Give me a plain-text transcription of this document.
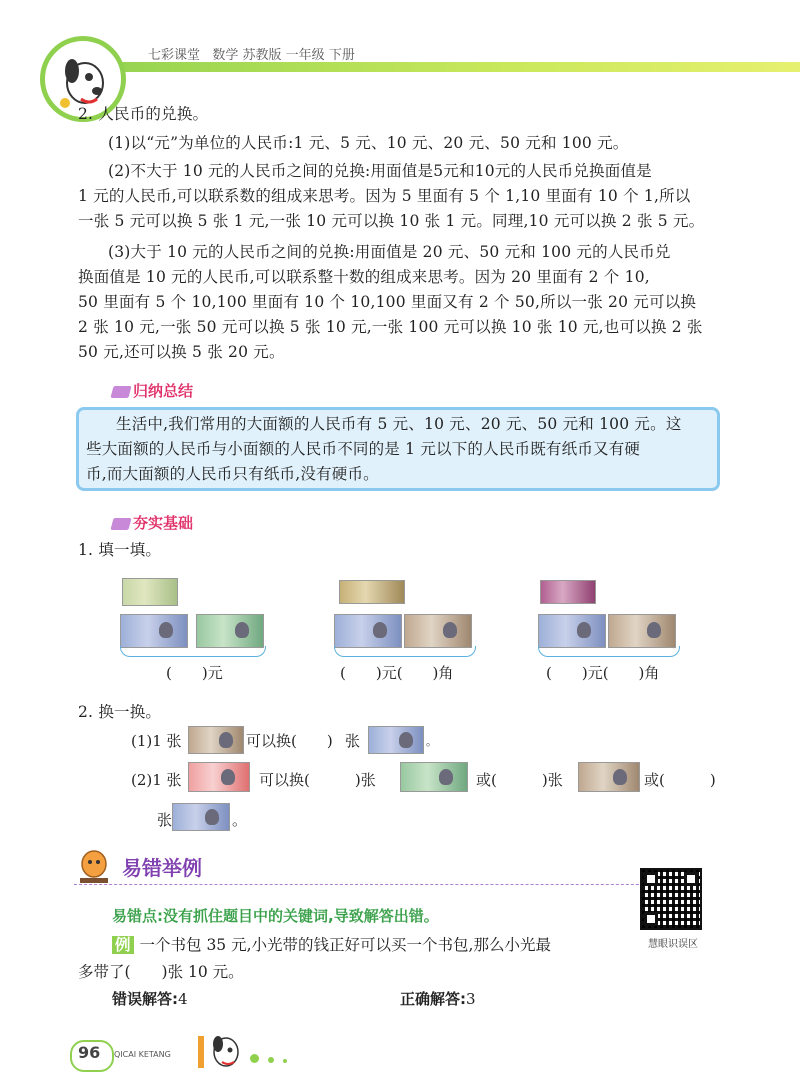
七彩课堂 数学 苏教版 一年级 下册
2. 人民币的兑换。
(1)以“元”为单位的人民币:1 元、5 元、10 元、20 元、50 元和 100 元。
(2)不大于 10 元的人民币之间的兑换:用面值是5元和10元的人民币兑换面值是
1 元的人民币,可以联系数的组成来思考。因为 5 里面有 5 个 1,10 里面有 10 个 1,所以
一张 5 元可以换 5 张 1 元,一张 10 元可以换 10 张 1 元。同理,10 元可以换 2 张 5 元。
(3)大于 10 元的人民币之间的兑换:用面值是 20 元、50 元和 100 元的人民币兑
换面值是 10 元的人民币,可以联系整十数的组成来思考。因为 20 里面有 2 个 10,
50 里面有 5 个 10,100 里面有 10 个 10,100 里面又有 2 个 50,所以一张 20 元可以换
2 张 10 元,一张 50 元可以换 5 张 10 元,一张 100 元可以换 10 张 10 元,也可以换 2 张
50 元,还可以换 5 张 20 元。
归纳总结
生活中,我们常用的大面额的人民币有 5 元、10 元、20 元、50 元和 100 元。这
些大面额的人民币与小面额的人民币不同的是 1 元以下的人民币既有纸币又有硬
币,而大面额的人民币只有纸币,没有硬币。
夯实基础
1. 填一填。
(　　)元	(　　)元(　　)角	(　　)元(　　)角
2. 换一换。
(1)1 张	可以换(　　) 张	。
(2)1 张	可以换(　　　)张	或(　　　)张	或(　　　)
张	。
易错举例
慧眼识误区
易错点:没有抓住题目中的关键词,导致解答出错。
例 一个书包 35 元,小光带的钱正好可以买一个书包,那么小光最
多带了(　　)张 10 元。
错误解答:4	正确解答:3
96 QICAI KETANG
